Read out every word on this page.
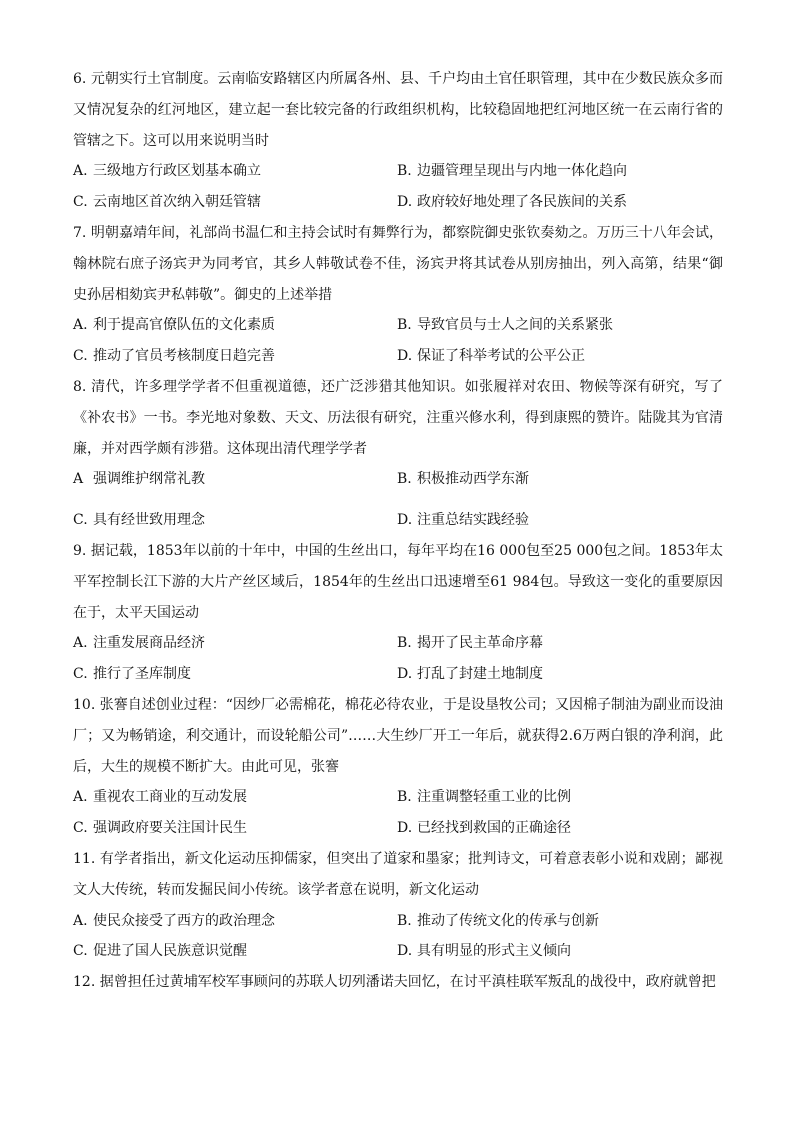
6. 元朝实行土官制度。云南临安路辖区内所属各州、县、千户均由土官任职管理，其中在少数民族众多而又情况复杂的红河地区，建立起一套比较完备的行政组织机构，比较稳固地把红河地区统一在云南行省的管辖之下。这可以用来说明当时

A. 三级地方行政区划基本确立	B. 边疆管理呈现出与内地一体化趋向
C. 云南地区首次纳入朝廷管辖	D. 政府较好地处理了各民族间的关系

7. 明朝嘉靖年间，礼部尚书温仁和主持会试时有舞弊行为，都察院御史张钦奏劾之。万历三十八年会试，翰林院右庶子汤宾尹为同考官，其乡人韩敬试卷不佳，汤宾尹将其试卷从别房抽出，列入高第，结果“御史孙居相劾宾尹私韩敬”。御史的上述举措

A. 利于提高官僚队伍的文化素质	B. 导致官员与士人之间的关系紧张
C. 推动了官员考核制度日趋完善	D. 保证了科举考试的公平公正

8. 清代，许多理学学者不但重视道德，还广泛涉猎其他知识。如张履祥对农田、物候等深有研究，写了《补农书》一书。李光地对象数、天文、历法很有研究，注重兴修水利，得到康熙的赞许。陆陇其为官清廉，并对西学颇有涉猎。这体现出清代理学学者

A 强调维护纲常礼教	B. 积极推动西学东渐
C. 具有经世致用理念	D. 注重总结实践经验

9. 据记载，1853年以前的十年中，中国的生丝出口，每年平均在16 000包至25 000包之间。1853年太平军控制长江下游的大片产丝区域后，1854年的生丝出口迅速增至61 984包。导致这一变化的重要原因在于，太平天国运动

A. 注重发展商品经济	B. 揭开了民主革命序幕
C. 推行了圣库制度	D. 打乱了封建土地制度

10. 张謇自述创业过程：“因纱厂必需棉花，棉花必待农业，于是设垦牧公司；又因棉子制油为副业而设油厂；又为畅销途，利交通计，而设轮船公司”……大生纱厂开工一年后，就获得2.6万两白银的净利润，此后，大生的规模不断扩大。由此可见，张謇

A. 重视农工商业的互动发展	B. 注重调整轻重工业的比例
C. 强调政府要关注国计民生	D. 已经找到救国的正确途径

11. 有学者指出，新文化运动压抑儒家，但突出了道家和墨家；批判诗文，可着意表彰小说和戏剧；鄙视文人大传统，转而发掘民间小传统。该学者意在说明，新文化运动

A. 使民众接受了西方的政治理念	B. 推动了传统文化的传承与创新
C. 促进了国人民族意识觉醒	D. 具有明显的形式主义倾向

12. 据曾担任过黄埔军校军事顾问的苏联人切列潘诺夫回忆，在讨平滇桂联军叛乱的战役中，政府就曾把
